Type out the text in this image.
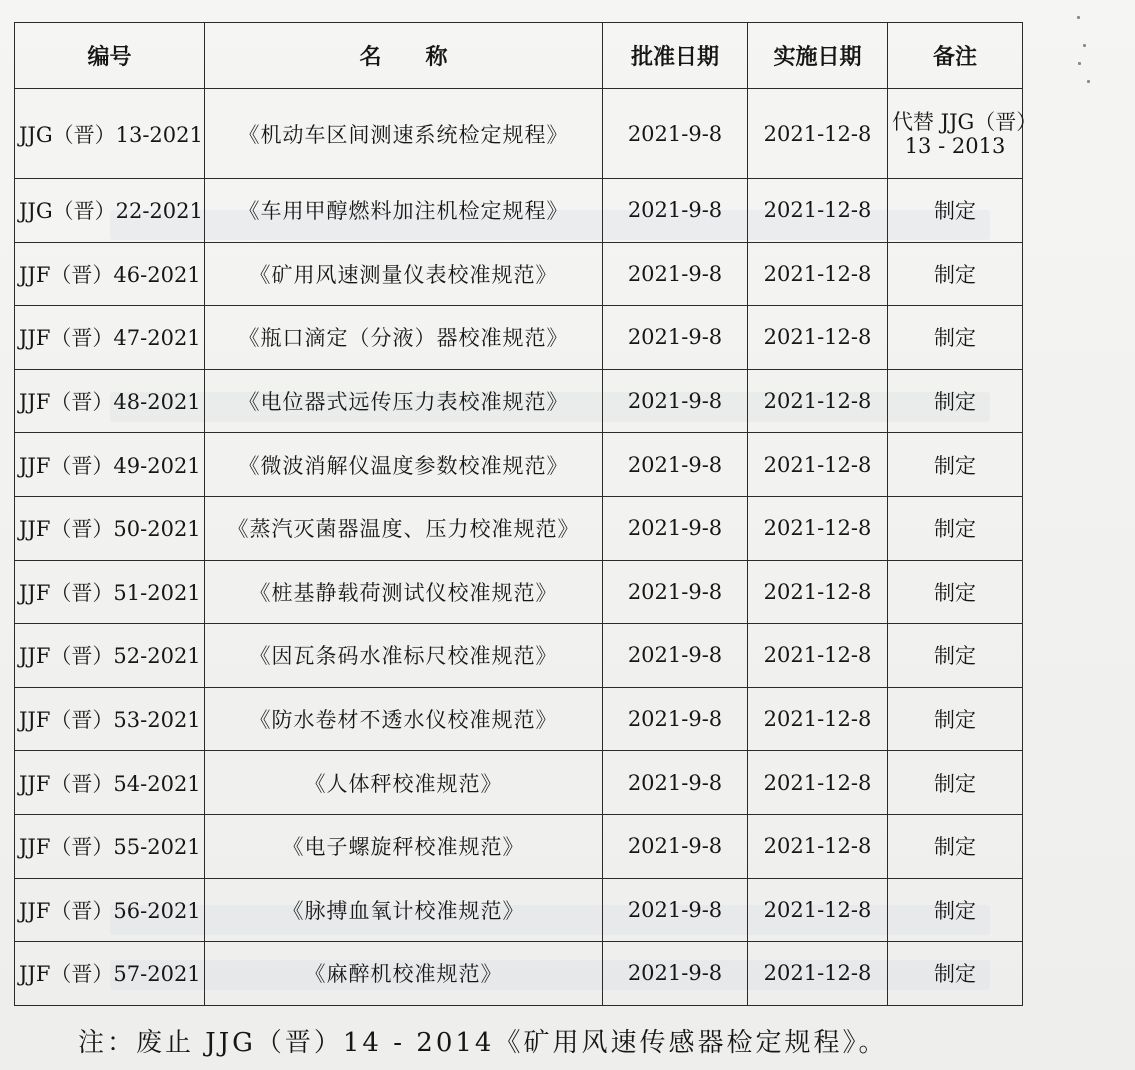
编号	名　　称	批准日期	实施日期	备注
JJG（晋）13-2021	《机动车区间测速系统检定规程》	2021-9-8	2021-12-8	代替 JJG（晋）
13 - 2013

JJG（晋）22-2021	《车用甲醇燃料加注机检定规程》	2021-9-8	2021-12-8	制定
JJF（晋）46-2021	《矿用风速测量仪表校准规范》	2021-9-8	2021-12-8	制定
JJF（晋）47-2021	《瓶口滴定（分液）器校准规范》	2021-9-8	2021-12-8	制定
JJF（晋）48-2021	《电位器式远传压力表校准规范》	2021-9-8	2021-12-8	制定
JJF（晋）49-2021	《微波消解仪温度参数校准规范》	2021-9-8	2021-12-8	制定
JJF（晋）50-2021	《蒸汽灭菌器温度、压力校准规范》	2021-9-8	2021-12-8	制定
JJF（晋）51-2021	《桩基静载荷测试仪校准规范》	2021-9-8	2021-12-8	制定
JJF（晋）52-2021	《因瓦条码水准标尺校准规范》	2021-9-8	2021-12-8	制定
JJF（晋）53-2021	《防水卷材不透水仪校准规范》	2021-9-8	2021-12-8	制定
JJF（晋）54-2021	《人体秤校准规范》	2021-9-8	2021-12-8	制定
JJF（晋）55-2021	《电子螺旋秤校准规范》	2021-9-8	2021-12-8	制定
JJF（晋）56-2021	《脉搏血氧计校准规范》	2021-9-8	2021-12-8	制定
JJF（晋）57-2021	《麻醉机校准规范》	2021-9-8	2021-12-8	制定
注：废止 JJG（晋）14 - 2014《矿用风速传感器检定规程》。
